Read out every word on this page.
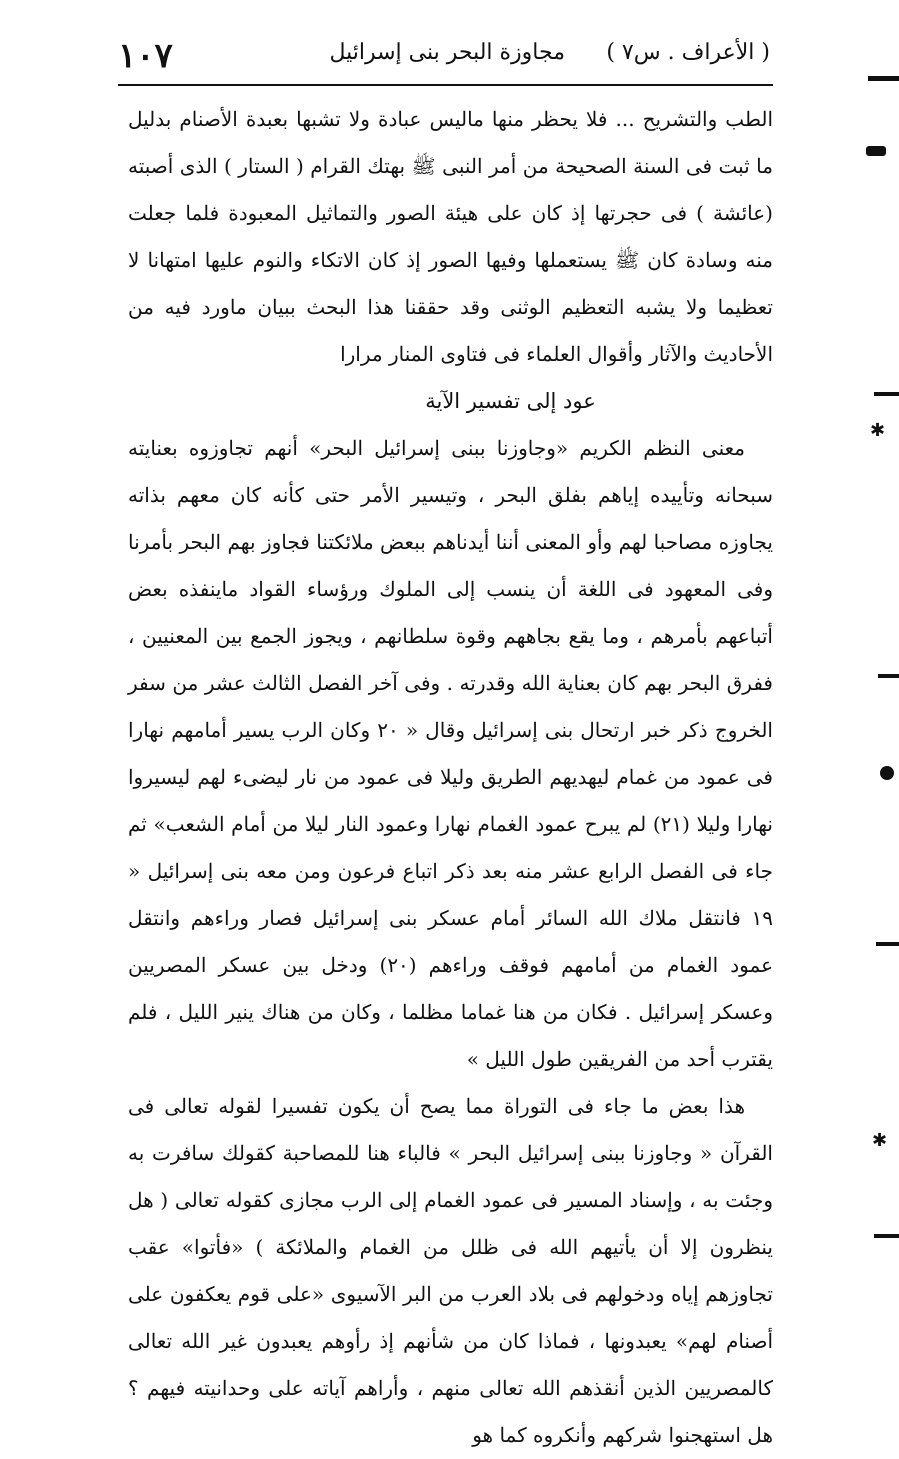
( الأعراف . س٧ )
مجاوزة البحر بنى إسرائيل
١٠٧

الطب والتشريح ... فلا يحظر منها ماليس عبادة ولا تشبها بعبدة الأصنام بدليل ما ثبت فى السنة الصحيحة من أمر النبى ﷺ بهتك القرام ( الستار ) الذى أصبته (عائشة ) فى حجرتها إذ كان على هيئة الصور والتماثيل المعبودة فلما جعلت منه وسادة كان ﷺ يستعملها وفيها الصور إذ كان الاتكاء والنوم عليها امتهانا لا تعظيما ولا يشبه التعظيم الوثنى وقد حققنا هذا البحث ببيان ماورد فيه من الأحاديث والآثار وأقوال العلماء فى فتاوى المنار مرارا

عود إلى تفسير الآية

معنى النظم الكريم «وجاوزنا ببنى إسرائيل البحر» أنهم تجاوزوه بعنايته سبحانه وتأييده إياهم بفلق البحر ، وتيسير الأمر حتى كأنه كان معهم بذاته يجاوزه مصاحبا لهم وأو المعنى أننا أيدناهم ببعض ملائكتنا فجاوز بهم البحر بأمرنا وفى المعهود فى اللغة أن ينسب إلى الملوك ورؤساء القواد ماينفذه بعض أتباعهم بأمرهم ، وما يقع بجاههم وقوة سلطانهم ، ويجوز الجمع بين المعنيين ، ففرق البحر بهم كان بعناية الله وقدرته . وفى آخر الفصل الثالث عشر من سفر الخروج ذكر خبر ارتحال بنى إسرائيل وقال « ٢٠ وكان الرب يسير أمامهم نهارا فى عمود من غمام ليهديهم الطريق وليلا فى عمود من نار ليضىء لهم ليسيروا نهارا وليلا (٢١) لم يبرح عمود الغمام نهارا وعمود النار ليلا من أمام الشعب» ثم جاء فى الفصل الرابع عشر منه بعد ذكر اتباع فرعون ومن معه بنى إسرائيل « ١٩ فانتقل ملاك الله السائر أمام عسكر بنى إسرائيل فصار وراءهم وانتقل عمود الغمام من أمامهم فوقف وراءهم (٢٠) ودخل بين عسكر المصريين وعسكر إسرائيل . فكان من هنا غماما مظلما ، وكان من هناك ينير الليل ، فلم يقترب أحد من الفريقين طول الليل »

هذا بعض ما جاء فى التوراة مما يصح أن يكون تفسيرا لقوله تعالى فى القرآن « وجاوزنا ببنى إسرائيل البحر » فالباء هنا للمصاحبة كقولك سافرت به وجئت به ، وإسناد المسير فى عمود الغمام إلى الرب مجازى كقوله تعالى ( هل ينظرون إلا أن يأتيهم الله فى ظلل من الغمام والملائكة ) «فأتوا» عقب تجاوزهم إياه ودخولهم فى بلاد العرب من البر الآسيوى «على قوم يعكفون على أصنام لهم» يعبدونها ، فماذا كان من شأنهم إذ رأوهم يعبدون غير الله تعالى كالمصريين الذين أنقذهم الله تعالى منهم ، وأراهم آياته على وحدانيته فيهم ؟ هل استهجنوا شركهم وأنكروه كما هو

✱
✱
